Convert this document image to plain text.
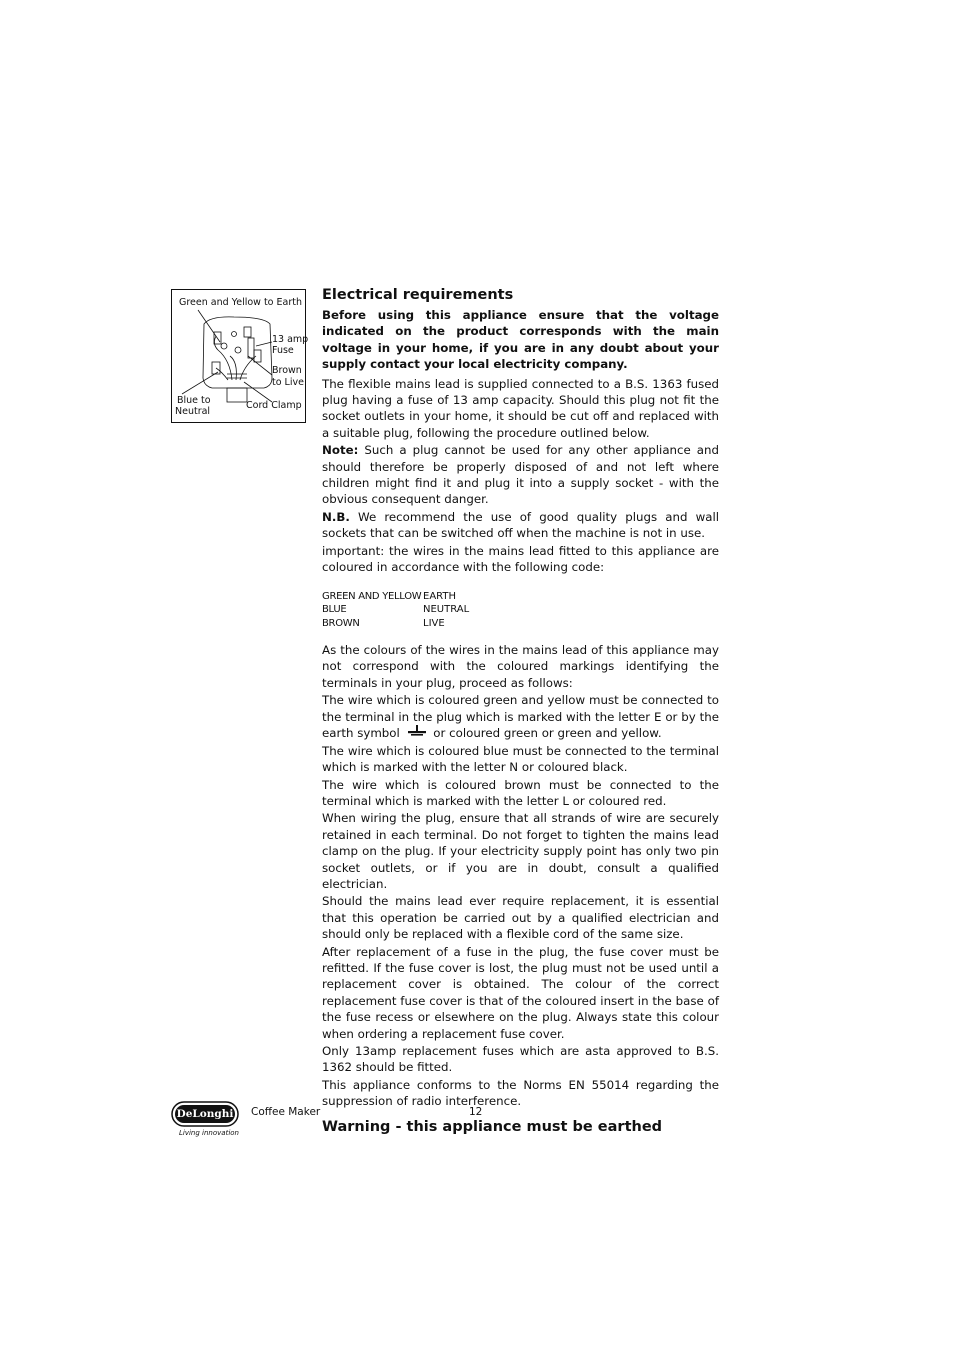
Green and Yellow to Earth
13 amp
Fuse
Brown
to Live
Blue to
Neutral
Cord Clamp
Electrical requirements

Before using this appliance ensure that the voltage indicated on the product corresponds with the main voltage in your home, if you are in any doubt about your supply contact your local electricity company.

The flexible mains lead is supplied connected to a B.S. 1363 fused plug having a fuse of 13 amp capacity. Should this plug not fit the socket outlets in your home, it should be cut off and replaced with a suitable plug, following the procedure outlined below.

Note: Such a plug cannot be used for any other appliance and should therefore be properly disposed of and not left where children might find it and plug it into a supply socket - with the obvious consequent danger.

N.B. We recommend the use of good quality plugs and wall sockets that can be switched off when the machine is not in use.

important: the wires in the mains lead fitted to this appliance are coloured in accordance with the following code:

GREEN AND YELLOW	EARTH
BLUE	NEUTRAL
BROWN	LIVE

As the colours of the wires in the mains lead of this appliance may not correspond with the coloured markings identifying the terminals in your plug, proceed as follows:

The wire which is coloured green and yellow must be connected to the terminal in the plug which is marked with the letter E or by the earth symbol	or coloured green or green and yellow.

The wire which is coloured blue must be connected to the terminal which is marked with the letter N or coloured black.

The wire which is coloured brown must be connected to the terminal which is marked with the letter L or coloured red.

When wiring the plug, ensure that all strands of wire are securely retained in each terminal. Do not forget to tighten the mains lead clamp on the plug. If your electricity supply point has only two pin socket outlets, or if you are in doubt, consult a qualified electrician.

Should the mains lead ever require replacement, it is essential that this operation be carried out by a qualified electrician and should only be replaced with a flexible cord of the same size.

After replacement of a fuse in the plug, the fuse cover must be refitted. If the fuse cover is lost, the plug must not be used until a replacement cover is obtained. The colour of the correct replacement fuse cover is that of the coloured insert in the base of the fuse recess or elsewhere on the plug. Always state this colour when ordering a replacement fuse cover.

Only 13amp replacement fuses which are asta approved to B.S. 1362 should be fitted.

This appliance conforms to the Norms EN 55014 regarding the suppression of radio interference.

Warning - this appliance must be earthed
DeLonghi
Living innovation
Coffee Maker	12
